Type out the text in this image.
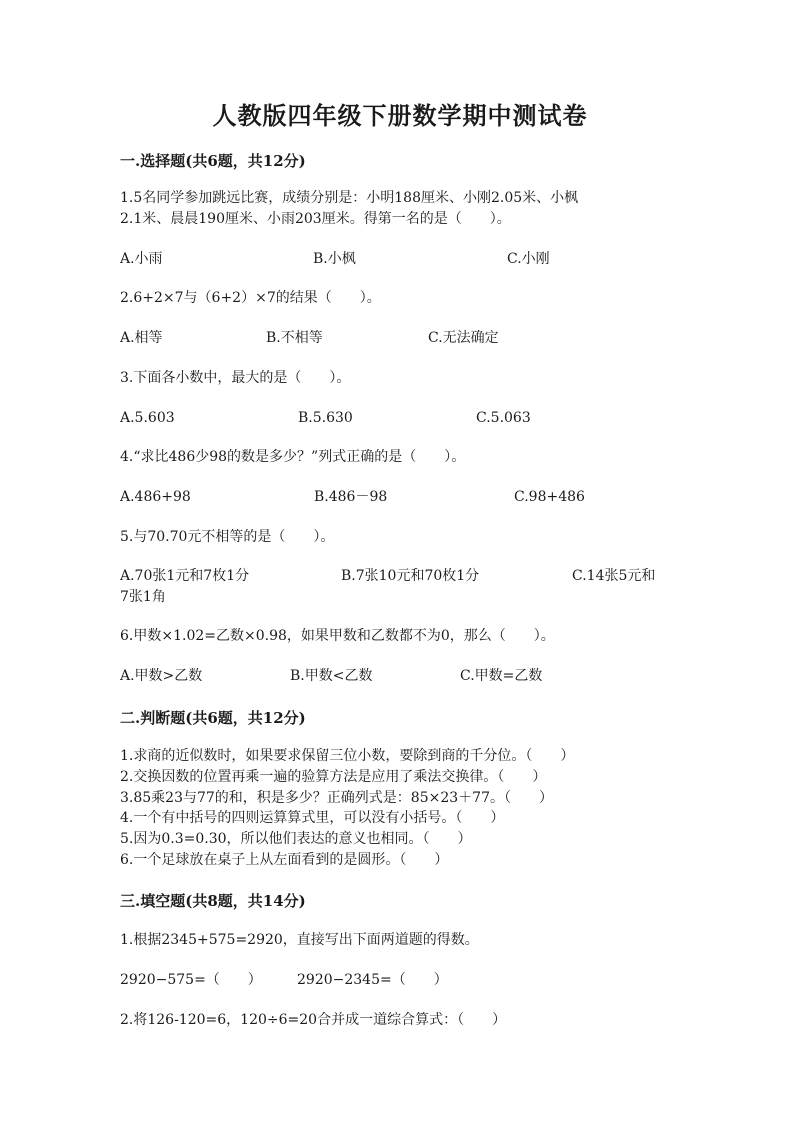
人教版四年级下册数学期中测试卷
一.选择题(共6题，共12分)
1.5名同学参加跳远比赛，成绩分别是：小明188厘米、小刚2.05米、小枫
2.1米、晨晨190厘米、小雨203厘米。得第一名的是（　　）。
A.小雨	B.小枫	C.小刚
2.6+2×7与（6+2）×7的结果（　　）。
A.相等	B.不相等	C.无法确定
3.下面各小数中，最大的是（　　）。
A.5.603	B.5.630	C.5.063
4.“求比486少98的数是多少？”列式正确的是（　　）。
A.486+98	B.486－98	C.98+486
5.与70.70元不相等的是（　　）。
A.70张1元和7枚1分	B.7张10元和70枚1分	C.14张5元和
7张1角
6.甲数×1.02=乙数×0.98，如果甲数和乙数都不为0，那么（　　）。
A.甲数>乙数	B.甲数<乙数	C.甲数=乙数
二.判断题(共6题，共12分)
1.求商的近似数时，如果要求保留三位小数，要除到商的千分位。（　　）
2.交换因数的位置再乘一遍的验算方法是应用了乘法交换律。（　　）
3.85乘23与77的和，积是多少？正确列式是：85×23＋77。（　　）
4.一个有中括号的四则运算算式里，可以没有小括号。（　　）
5.因为0.3=0.30，所以他们表达的意义也相同。（　　）
6.一个足球放在桌子上从左面看到的是圆形。（　　）
三.填空题(共8题，共14分)
1.根据2345+575=2920，直接写出下面两道题的得数。
2920−575=（　　）	2920−2345=（　　）
2.将126-120=6，120÷6=20合并成一道综合算式：（　　）
